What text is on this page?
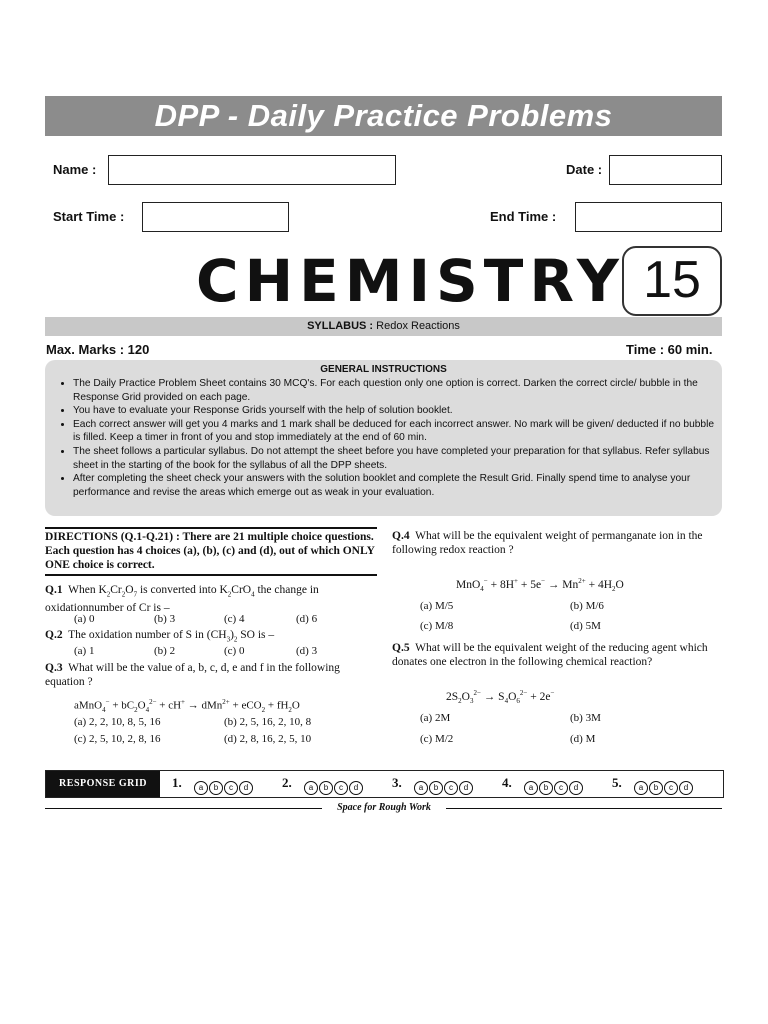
DPP - Daily Practice Problems
Name :	Date :
Start Time :	End Time :
CHEMISTRY 15
SYLLABUS : Redox Reactions
Max. Marks : 120	Time : 60 min.
GENERAL INSTRUCTIONS
• The Daily Practice Problem Sheet contains 30 MCQ's. For each question only one option is correct. Darken the correct circle/ bubble in the Response Grid provided on each page.
• You have to evaluate your Response Grids yourself with the help of solution booklet.
• Each correct answer will get you 4 marks and 1 mark shall be deduced for each incorrect answer. No mark will be given/ deducted if no bubble is filled. Keep a timer in front of you and stop immediately at the end of 60 min.
• The sheet follows a particular syllabus. Do not attempt the sheet before you have completed your preparation for that syllabus. Refer syllabus sheet in the starting of the book for the syllabus of all the DPP sheets.
• After completing the sheet check your answers with the solution booklet and complete the Result Grid. Finally spend time to analyse your performance and revise the areas which emerge out as weak in your evaluation.
DIRECTIONS (Q.1-Q.21) : There are 21 multiple choice questions. Each question has 4 choices (a), (b), (c) and (d), out of which ONLY ONE choice is correct.
Q.1 When $K_2Cr_2O_7$ is converted into $K_2CrO_4$ the change in oxidationnumber of Cr is –
(a) 0	(b) 3	(c) 4	(d) 6
Q.2 The oxidation number of S in $(CH_3)_2$ SO is –
(a) 1	(b) 2	(c) 0	(d) 3
Q.3 What will be the value of a, b, c, d, e and f in the following equation ?
aMnO$_4$− + $bC_2O_4^{2-} + cH^+ \to dMn^{2+} + eCO_2 + fH_2O$
(a) 2, 2, 10, 8, 5, 16	(b) 2, 5, 16, 2, 10, 8
(c) 2, 5, 10, 2, 8, 16	(d) 2, 8, 16, 2, 5, 10
Q.4 What will be the equivalent weight of permanganate ion in the following redox reaction ?
$MnO_4^- + 8H^+ + 5e^- \to Mn^{2+} + 4H_2O$
(a) M/5	(b) M/6
(c) M/8	(d) 5M
Q.5 What will be the equivalent weight of the reducing agent which donates one electron in the following chemical reaction?
$2S_2O_3^{2-} \to S_4O_6^{2-} + 2e^-$
(a) 2M	(b) 3M
(c) M/2	(d) M
RESPONSE GRID	1.	a b c d	2.	a b c d	3.	a b c d	4.	a b c d	5.	a b c d
Space for Rough Work
